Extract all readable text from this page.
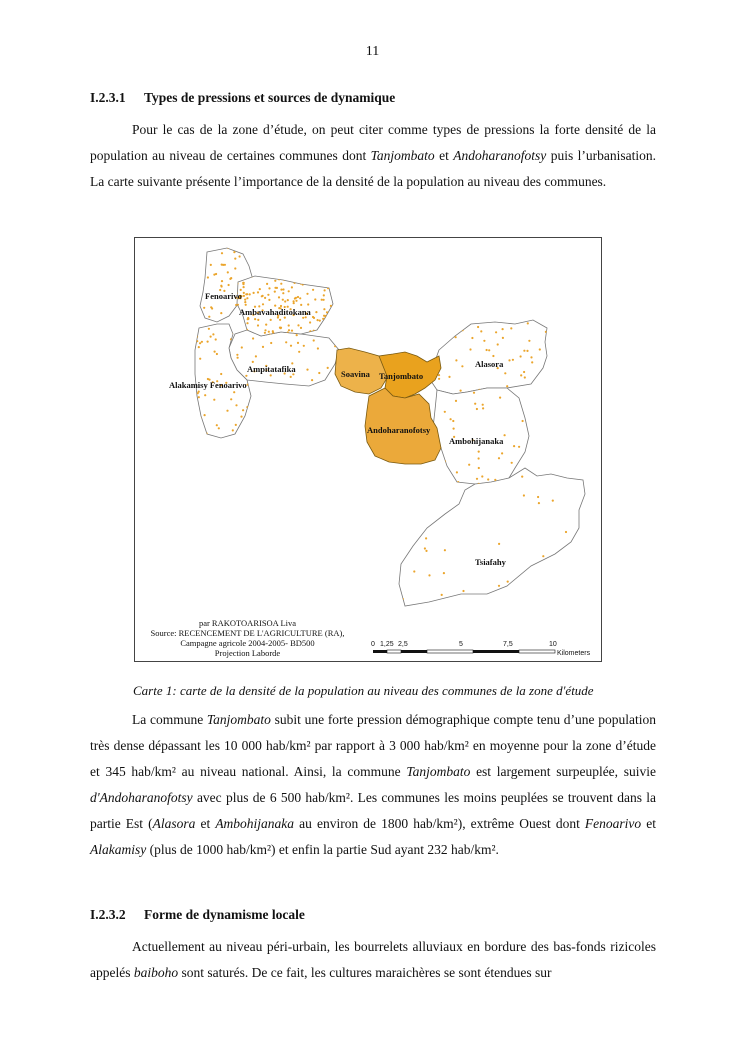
11
I.2.3.1 Types de pressions et sources de dynamique

Pour le cas de la zone d’étude, on peut citer comme types de pressions la forte densité de la population au niveau de certaines communes dont Tanjombato et Andoharanofotsy puis l’urbanisation. La carte suivante présente l’importance de la densité de la population au niveau des communes.

Fenoarivo
Ambavahaditokana
Ampitatafika
Alakamisy Fenoarivo
Soavina Tanjombato
Alasora
Andoharanofotsy
Ambohijanaka
Tsiafahy
0 1,25 2,5	5	7,5	10
Kilometers
par RAKOTOARISOA Liva
Source: RECENCEMENT DE L'AGRICULTURE (RA),
Campagne agricole 2004-2005- BD500
Projection Laborde
Carte 1: carte de la densité de la population au niveau des communes de la zone d'étude

La commune Tanjombato subit une forte pression démographique compte tenu d’une population très dense dépassant les 10 000 hab/km² par rapport à 3 000 hab/km² en moyenne pour la zone d’étude et 345 hab/km² au niveau national. Ainsi, la commune Tanjombato est largement surpeuplée, suivie d'Andoharanofotsy avec plus de 6 500 hab/km². Les communes les moins peuplées se trouvent dans la partie Est (Alasora et Ambohijanaka au environ de 1800 hab/km²), extrême Ouest dont Fenoarivo et Alakamisy (plus de 1000 hab/km²) et enfin la partie Sud ayant 232 hab/km².

I.2.3.2 Forme de dynamisme locale

Actuellement au niveau péri-urbain, les bourrelets alluviaux en bordure des bas-fonds rizicoles appelés baiboho sont saturés. De ce fait, les cultures maraichères se sont étendues sur
